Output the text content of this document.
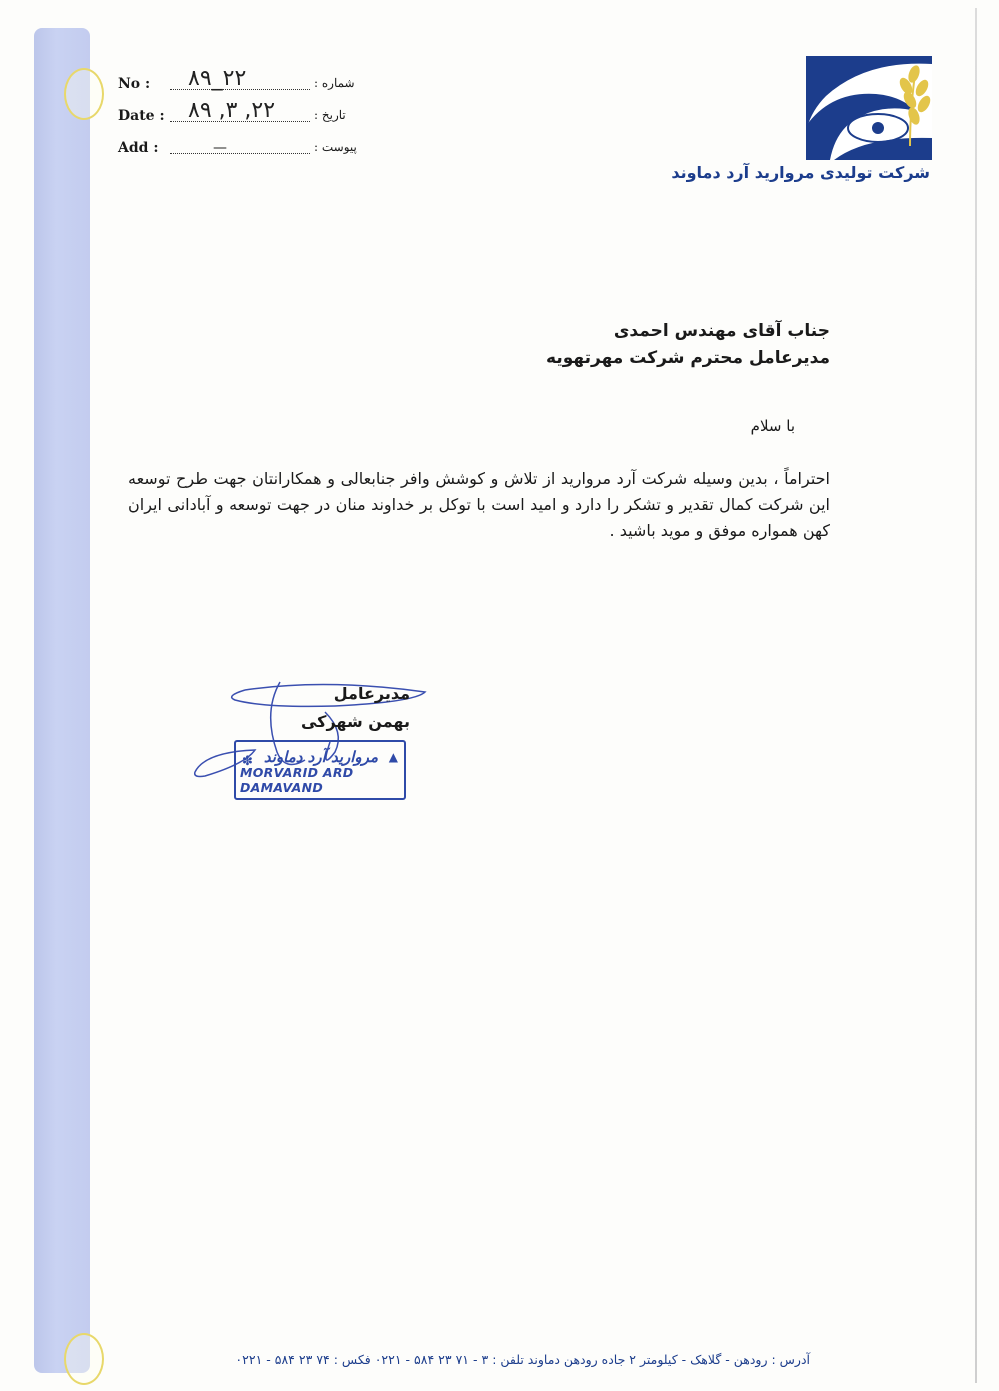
No : ۸۹_۲۲	شماره :
Date : ۸۹ ,۳ ,۲۲	تاریخ :
Add :	—	پیوست :
شرکت تولیدی مروارید آرد دماوند
جناب آقای مهندس احمدی
مدیرعامل محترم شرکت مهرتهویه
با سلام
احتراماً ، بدین وسیله شرکت آرد مروارید از تلاش و کوشش وافر جنابعالی و همکارانتان جهت طرح توسعه این شرکت کمال تقدیر و تشکر را دارد و امید است با توکل بر خداوند منان در جهت توسعه و آبادانی ایران کهن همواره موفق و موید باشید .
مدیرعامل
بهمن شهرکی
▲
✽ مروارید آرد دماوند
MORVARID ARD DAMAVAND
آدرس : رودهن - گلاهک - کیلومتر ۲ جاده رودهن دماوند تلفن : ۳ - ۷۱ ۲۳ ۵۸۴ - ۰۲۲۱ فکس : ۷۴ ۲۳ ۵۸۴ - ۰۲۲۱
